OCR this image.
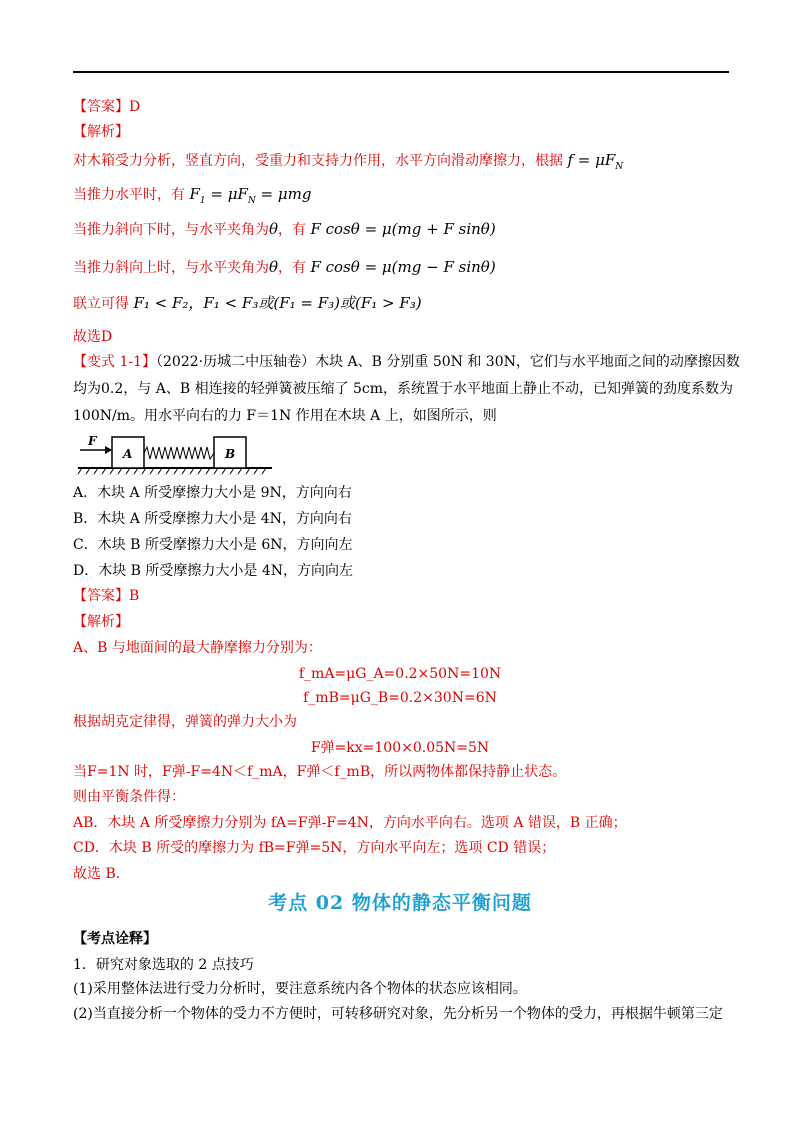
【答案】D
【解析】
对木箱受力分析，竖直方向，受重力和支持力作用，水平方向滑动摩擦力，根据 $f = \mu F_N$
当推力水平时，有 $F_1 = \mu F_N = \mu mg$
当推力斜向下时，与水平夹角为θ，有 F cosθ = μ(mg + F sinθ)
当推力斜向上时，与水平夹角为θ，有 F cosθ = μ(mg − F sinθ)
联立可得 F₁ < F₂，F₁ < F₃或(F₁ = F₃)或(F₁ > F₃)
故选D
【变式 1-1】（2022·历城二中压轴卷）木块 A、B 分别重 50N 和 30N，它们与水平地面之间的动摩擦因数
均为0.2，与 A、B 相连接的轻弹簧被压缩了 5cm，系统置于水平地面上静止不动，已知弹簧的劲度系数为
100N/m。用水平向右的力 F＝1N 作用在木块 A 上，如图所示，则
F
A	B
A．木块 A 所受摩擦力大小是 9N，方向向右
B．木块 A 所受摩擦力大小是 4N，方向向右
C．木块 B 所受摩擦力大小是 6N，方向向左
D．木块 B 所受摩擦力大小是 4N，方向向左
【答案】B
【解析】
A、B 与地面间的最大静摩擦力分别为：
f_mA=μG_A=0.2×50N=10N
f_mB=μG_B=0.2×30N=6N
根据胡克定律得，弹簧的弹力大小为
F弹=kx=100×0.05N=5N
当F=1N 时，F弹-F=4N＜f_mA，F弹＜f_mB，所以两物体都保持静止状态。
则由平衡条件得：
AB．木块 A 所受摩擦力分别为 fA=F弹-F=4N，方向水平向右。选项 A 错误，B 正确；
CD．木块 B 所受的摩擦力为 fB=F弹=5N，方向水平向左；选项 CD 错误；
故选 B.
考点 02 物体的静态平衡问题
【考点诠释】
1．研究对象选取的 2 点技巧
(1)采用整体法进行受力分析时，要注意系统内各个物体的状态应该相同。
(2)当直接分析一个物体的受力不方便时，可转移研究对象，先分析另一个物体的受力，再根据牛顿第三定
